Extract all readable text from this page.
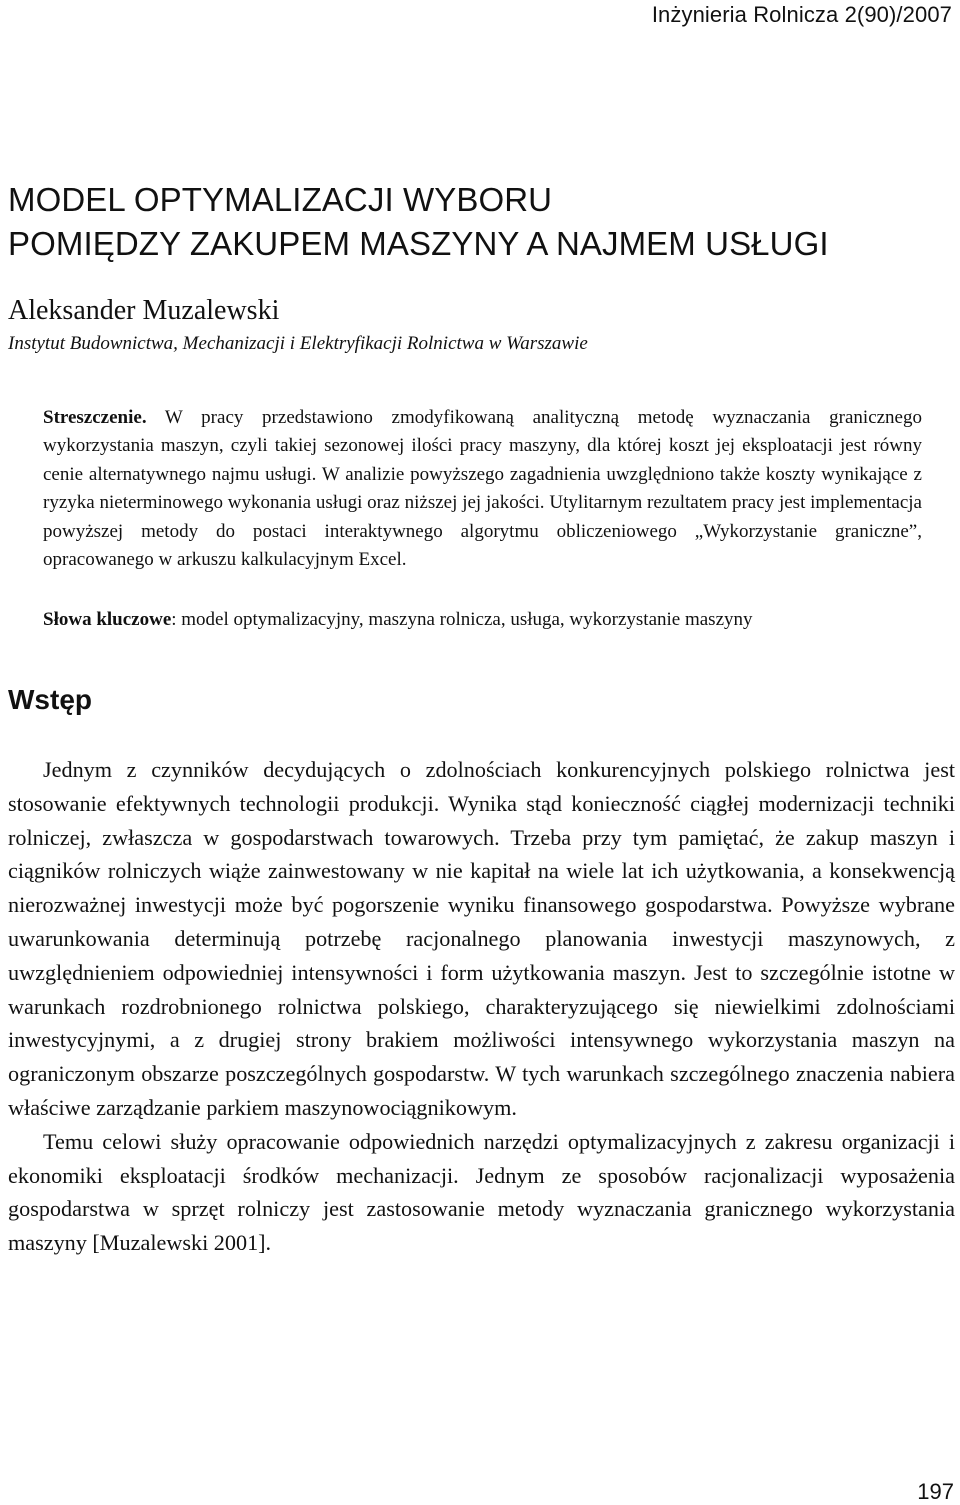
Inżynieria Rolnicza 2(90)/2007
MODEL OPTYMALIZACJI WYBORU
POMIĘDZY ZAKUPEM MASZYNY A NAJMEM USŁUGI
Aleksander Muzalewski
Instytut Budownictwa, Mechanizacji i Elektryfikacji Rolnictwa w Warszawie

Streszczenie. W pracy przedstawiono zmodyfikowaną analityczną metodę wyznaczania granicznego wykorzystania maszyn, czyli takiej sezonowej ilości pracy maszyny, dla której koszt jej eksploatacji jest równy cenie alternatywnego najmu usługi. W analizie powyższego zagadnienia uwzględniono także koszty wynikające z ryzyka nieterminowego wykonania usługi oraz niższej jej jakości. Utylitarnym rezultatem pracy jest implementacja powyższej metody do postaci interaktywnego algorytmu obliczeniowego „Wykorzystanie graniczne”, opracowanego w arkuszu kalkulacyjnym Excel.

Słowa kluczowe: model optymalizacyjny, maszyna rolnicza, usługa, wykorzystanie maszyny

Wstęp

Jednym z czynników decydujących o zdolnościach konkurencyjnych polskiego rolnictwa jest stosowanie efektywnych technologii produkcji. Wynika stąd konieczność ciągłej modernizacji techniki rolniczej, zwłaszcza w gospodarstwach towarowych. Trzeba przy tym pamiętać, że zakup maszyn i ciągników rolniczych wiąże zainwestowany w nie kapitał na wiele lat ich użytkowania, a konsekwencją nierozważnej inwestycji może być pogorszenie wyniku finansowego gospodarstwa. Powyższe wybrane uwarunkowania determinują potrzebę racjonalnego planowania inwestycji maszynowych, z uwzględnieniem odpowiedniej intensywności i form użytkowania maszyn. Jest to szczególnie istotne w warunkach rozdrobnionego rolnictwa polskiego, charakteryzującego się niewielkimi zdolnościami inwestycyjnymi, a z drugiej strony brakiem możliwości intensywnego wykorzystania maszyn na ograniczonym obszarze poszczególnych gospodarstw. W tych warunkach szczególnego znaczenia nabiera właściwe zarządzanie parkiem maszynowociągnikowym.

Temu celowi służy opracowanie odpowiednich narzędzi optymalizacyjnych z zakresu organizacji i ekonomiki eksploatacji środków mechanizacji. Jednym ze sposobów racjonalizacji wyposażenia gospodarstwa w sprzęt rolniczy jest zastosowanie metody wyznaczania granicznego wykorzystania maszyny [Muzalewski 2001].

197
